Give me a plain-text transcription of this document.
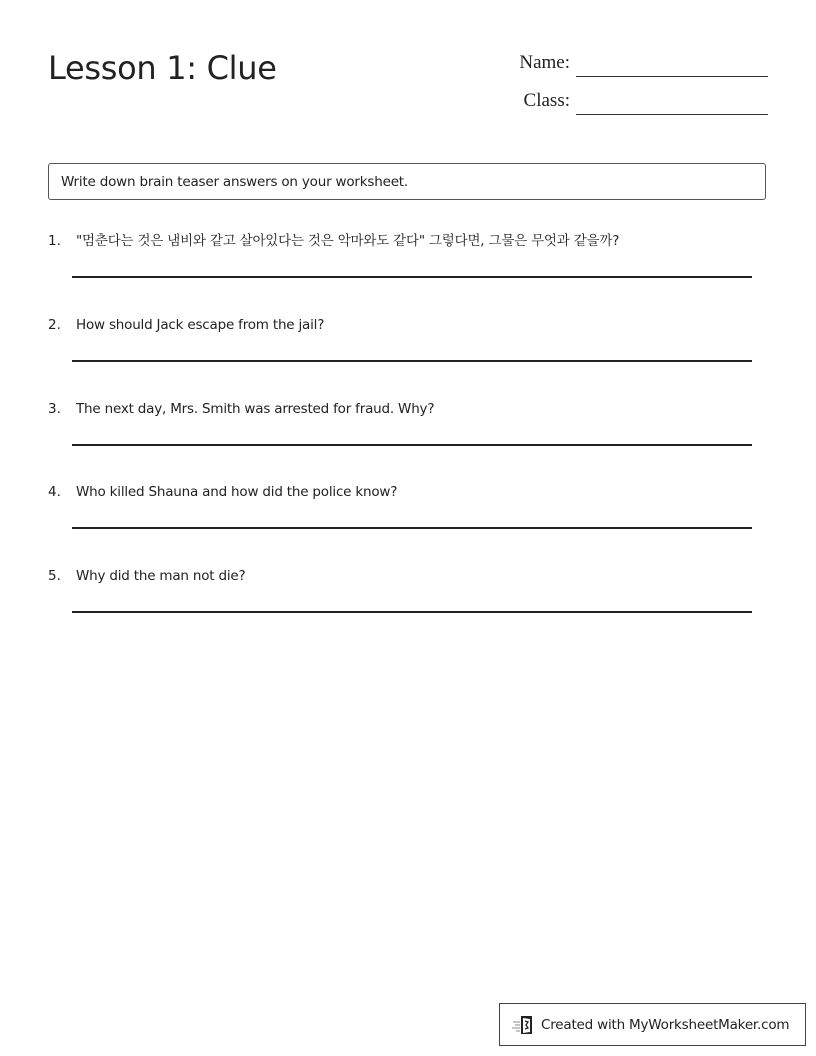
Lesson 1: Clue	Name:
Class:
Write down brain teaser answers on your worksheet.
1. "멈춘다는 것은 냄비와 같고 살아있다는 것은 악마와도 같다" 그렇다면, 그물은 무엇과 같을까?
2. How should Jack escape from the jail?
3. The next day, Mrs. Smith was arrested for fraud. Why?
4. Who killed Shauna and how did the police know?
5. Why did the man not die?
Created with MyWorksheetMaker.com
